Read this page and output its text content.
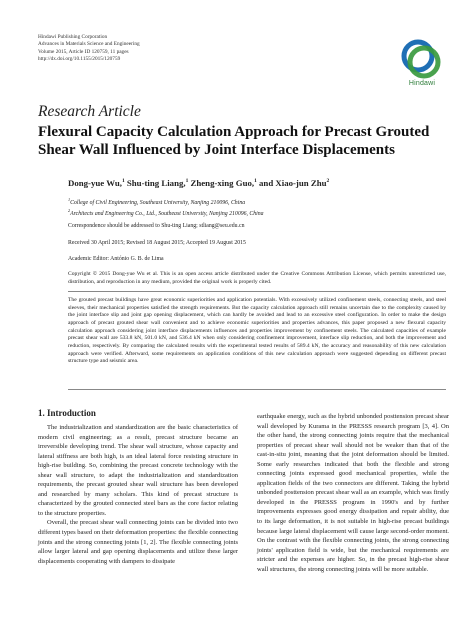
Hindawi Publishing Corporation
Advances in Materials Science and Engineering
Volume 2015, Article ID 120759, 11 pages
http://dx.doi.org/10.1155/2015/120759
Hindawi
Research Article
Flexural Capacity Calculation Approach for Precast Grouted Shear Wall Influenced by Joint Interface Displacements
Dong-yue Wu,$^1$ Shu-ting Liang,$^1$ Zheng-xing Guo,$^1$ and Xiao-jun Zhu$^2$
$^1$College of Civil Engineering, Southeast University, Nanjing 210096, China
$^2$Architects and Engineering Co., Ltd., Southeast University, Nanjing 210096, China
Correspondence should be addressed to Shu-ting Liang; stliang@seu.edu.cn
Received 30 April 2015; Revised 18 August 2015; Accepted 19 August 2015
Academic Editor: António G. B. de Lima
Copyright © 2015 Dong-yue Wu et al. This is an open access article distributed under the Creative Commons Attribution License, which permits unrestricted use, distribution, and reproduction in any medium, provided the original work is properly cited.
The grouted precast buildings have great economic superiorities and application potentials. With excessively utilized confinement steels, connecting steels, and steel sleeves, their mechanical properties satisfied the strength requirements. But the capacity calculation approach still remains uncertain due to the complexity caused by the joint interface slip and joint gap opening displacement, which can hardly be avoided and lead to an excessive steel configuration. In order to make the design approach of precast grouted shear wall convenient and to achieve economic superiorities and properties advances, this paper proposed a new flexural capacity calculation approach considering joint interface displacements influences and properties improvement by confinement steels. The calculated capacities of example precast shear wall are 533.8 kN, 501.0 kN, and 536.4 kN when only considering confinement improvement, interface slip reduction, and both the improvement and reduction, respectively. By comparing the calculated results with the experimental tested results of 589.4 kN, the accuracy and reasonability of this new calculation approach were verified. Afterward, some requirements on application conditions of this new calculation approach were suggested depending on different precast structure type and seismic area.
1. Introduction

The industrialization and standardization are the basic characteristics of modern civil engineering; as a result, precast structure became an irreversible developing trend. The shear wall structure, whose capacity and lateral stiffness are both high, is an ideal lateral force resisting structure in high-rise building. So, combining the precast concrete technology with the shear wall structure, to adapt the industrialization and standardization requirements, the precast grouted shear wall structure has been developed and researched by many scholars. This kind of precast structure is characterized by the grouted connected steel bars as the core factor relating to the structure properties.

Overall, the precast shear wall connecting joints can be divided into two different types based on their deformation properties: the flexible connecting joints and the strong connecting joints [1, 2]. The flexible connecting joints allow larger lateral and gap opening displacements and utilize these larger displacements cooperating with dampers to dissipate

earthquake energy, such as the hybrid unbonded posttension precast shear wall developed by Kurama in the PRESSS research program [3, 4]. On the other hand, the strong connecting joints require that the mechanical properties of precast shear wall should not be weaker than that of the cast-in-situ joint, meaning that the joint deformation should be limited. Some early researches indicated that both the flexible and strong connecting joints expressed good mechanical properties, while the application fields of the two connectors are different. Taking the hybrid unbonded posttension precast shear wall as an example, which was firstly developed in the PRESSS program in 1990's and by further improvements expresses good energy dissipation and repair ability, due to its large deformation, it is not suitable in high-rise precast buildings because large lateral displacement will cause large second-order moment. On the contrast with the flexible connecting joints, the strong connecting joints' application field is wide, but the mechanical requirements are stricter and the expenses are higher. So, in the precast high-rise shear wall structures, the strong connecting joints will be more suitable.
